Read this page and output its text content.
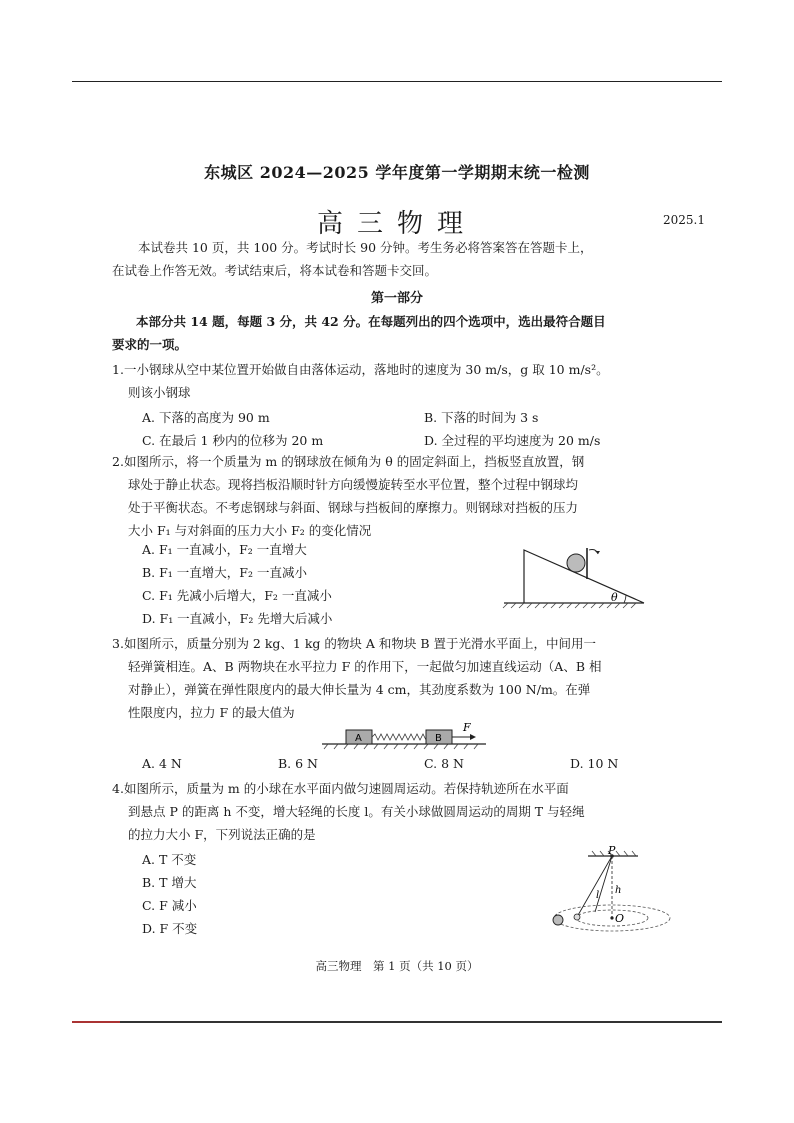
东城区 2024—2025 学年度第一学期期末统一检测
高三物理	2025.1
本试卷共 10 页，共 100 分。考试时长 90 分钟。考生务必将答案答在答题卡上，
在试卷上作答无效。考试结束后，将本试卷和答题卡交回。
第一部分
本部分共 14 题，每题 3 分，共 42 分。在每题列出的四个选项中，选出最符合题目
要求的一项。
1.一小钢球从空中某位置开始做自由落体运动，落地时的速度为 30 m/s，g 取 10 m/s²。
则该小钢球
A. 下落的高度为 90 m	B. 下落的时间为 3 s
C. 在最后 1 秒内的位移为 20 m	D. 全过程的平均速度为 20 m/s
2.如图所示，将一个质量为 m 的钢球放在倾角为 θ 的固定斜面上，挡板竖直放置，钢
球处于静止状态。现将挡板沿顺时针方向缓慢旋转至水平位置，整个过程中钢球均
处于平衡状态。不考虑钢球与斜面、钢球与挡板间的摩擦力。则钢球对挡板的压力
大小 F₁ 与对斜面的压力大小 F₂ 的变化情况
A. F₁ 一直减小，F₂ 一直增大
B. F₁ 一直增大，F₂ 一直减小
C. F₁ 先减小后增大，F₂ 一直减小
D. F₁ 一直减小，F₂ 先增大后减小
θ
3.如图所示，质量分别为 2 kg、1 kg 的物块 A 和物块 B 置于光滑水平面上，中间用一
轻弹簧相连。A、B 两物块在水平拉力 F 的作用下，一起做匀加速直线运动（A、B 相
对静止），弹簧在弹性限度内的最大伸长量为 4 cm，其劲度系数为 100 N/m。在弹
性限度内，拉力 F 的最大值为
A	B
F
A. 4 N	B. 6 N	C. 8 N	D. 10 N
4.如图所示，质量为 m 的小球在水平面内做匀速圆周运动。若保持轨迹所在水平面
到悬点 P 的距离 h 不变，增大轻绳的长度 l。有关小球做圆周运动的周期 T 与轻绳
的拉力大小 F，下列说法正确的是
A. T 不变
B. T 增大
C. F 减小
D. F 不变
P
h
l
O
高三物理　第 1 页（共 10 页）
